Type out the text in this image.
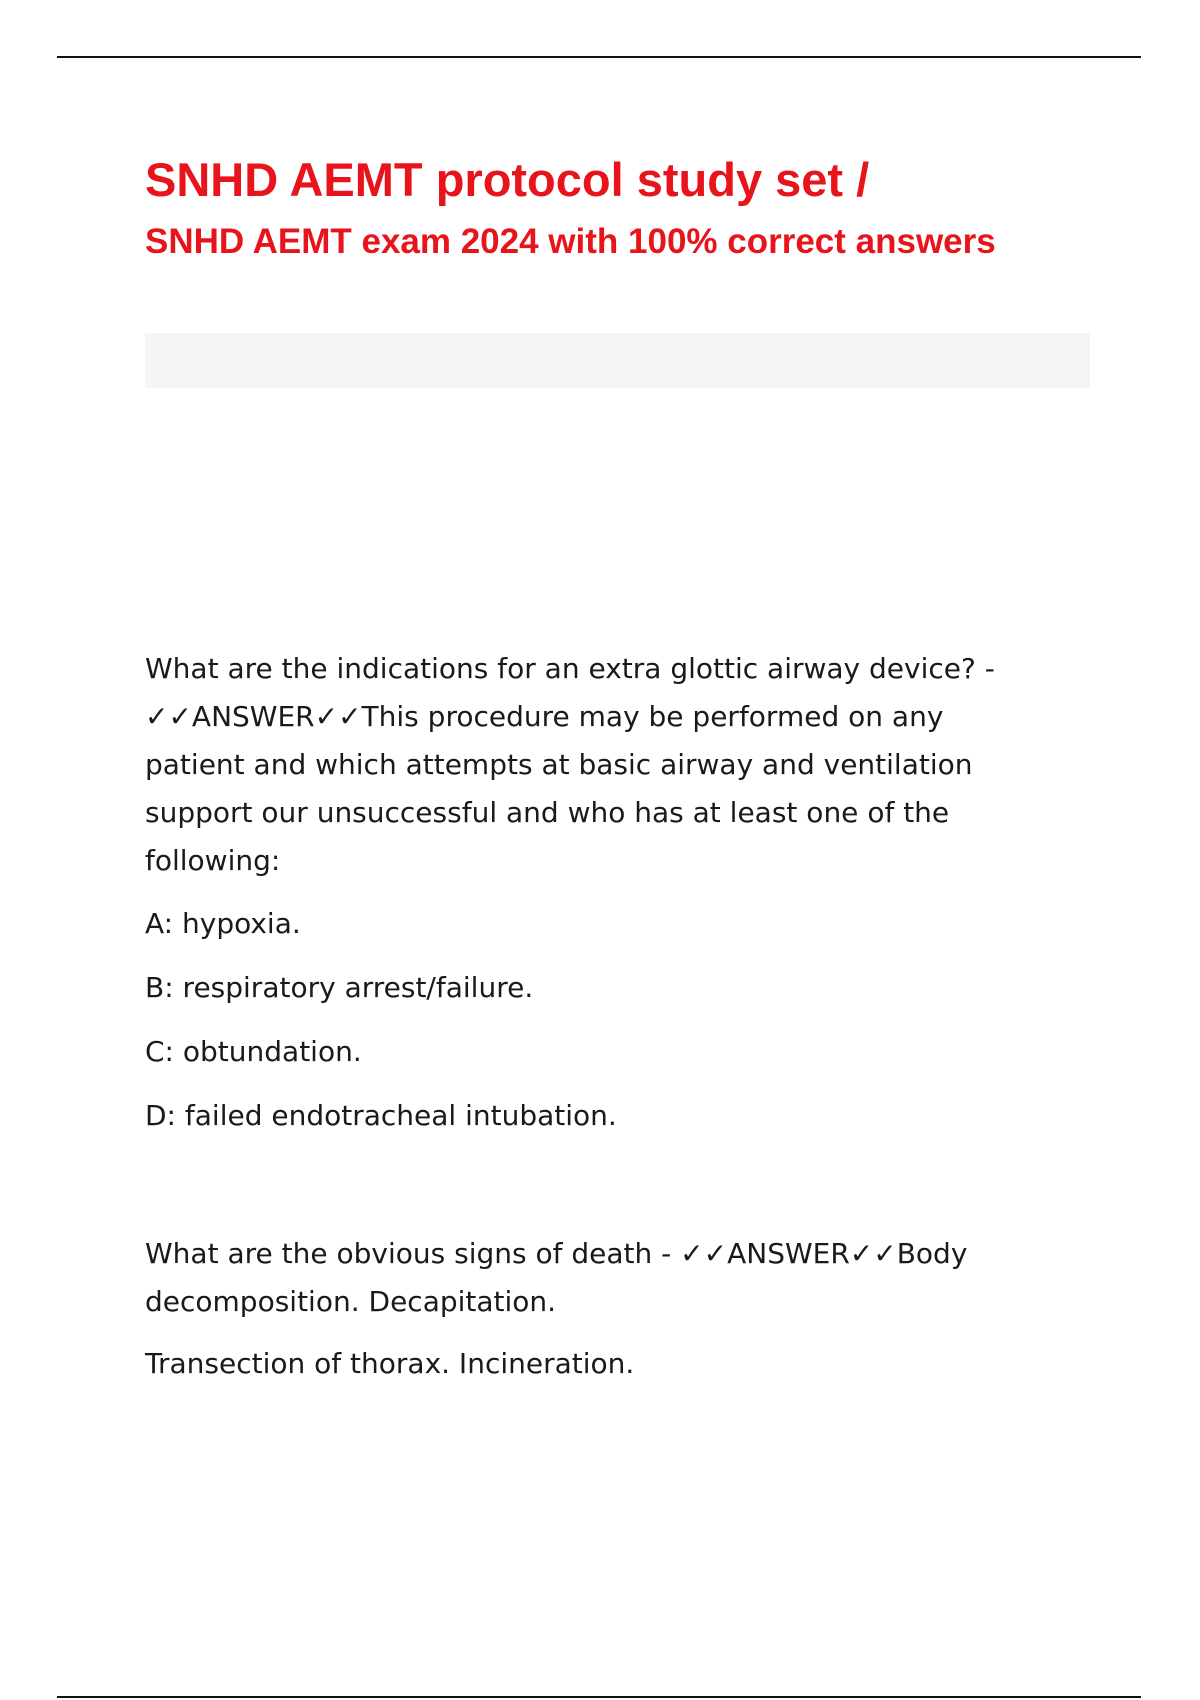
SNHD AEMT protocol study set /
SNHD AEMT exam 2024 with 100% correct answers

What are the indications for an extra glottic airway device? - ✓✓ANSWER✓✓This procedure may be performed on any patient and which attempts at basic airway and ventilation support our unsuccessful and who has at least one of the following:

A: hypoxia.

B: respiratory arrest/failure.

C: obtundation.

D: failed endotracheal intubation.

What are the obvious signs of death - ✓✓ANSWER✓✓Body decomposition. Decapitation.

Transection of thorax. Incineration.
